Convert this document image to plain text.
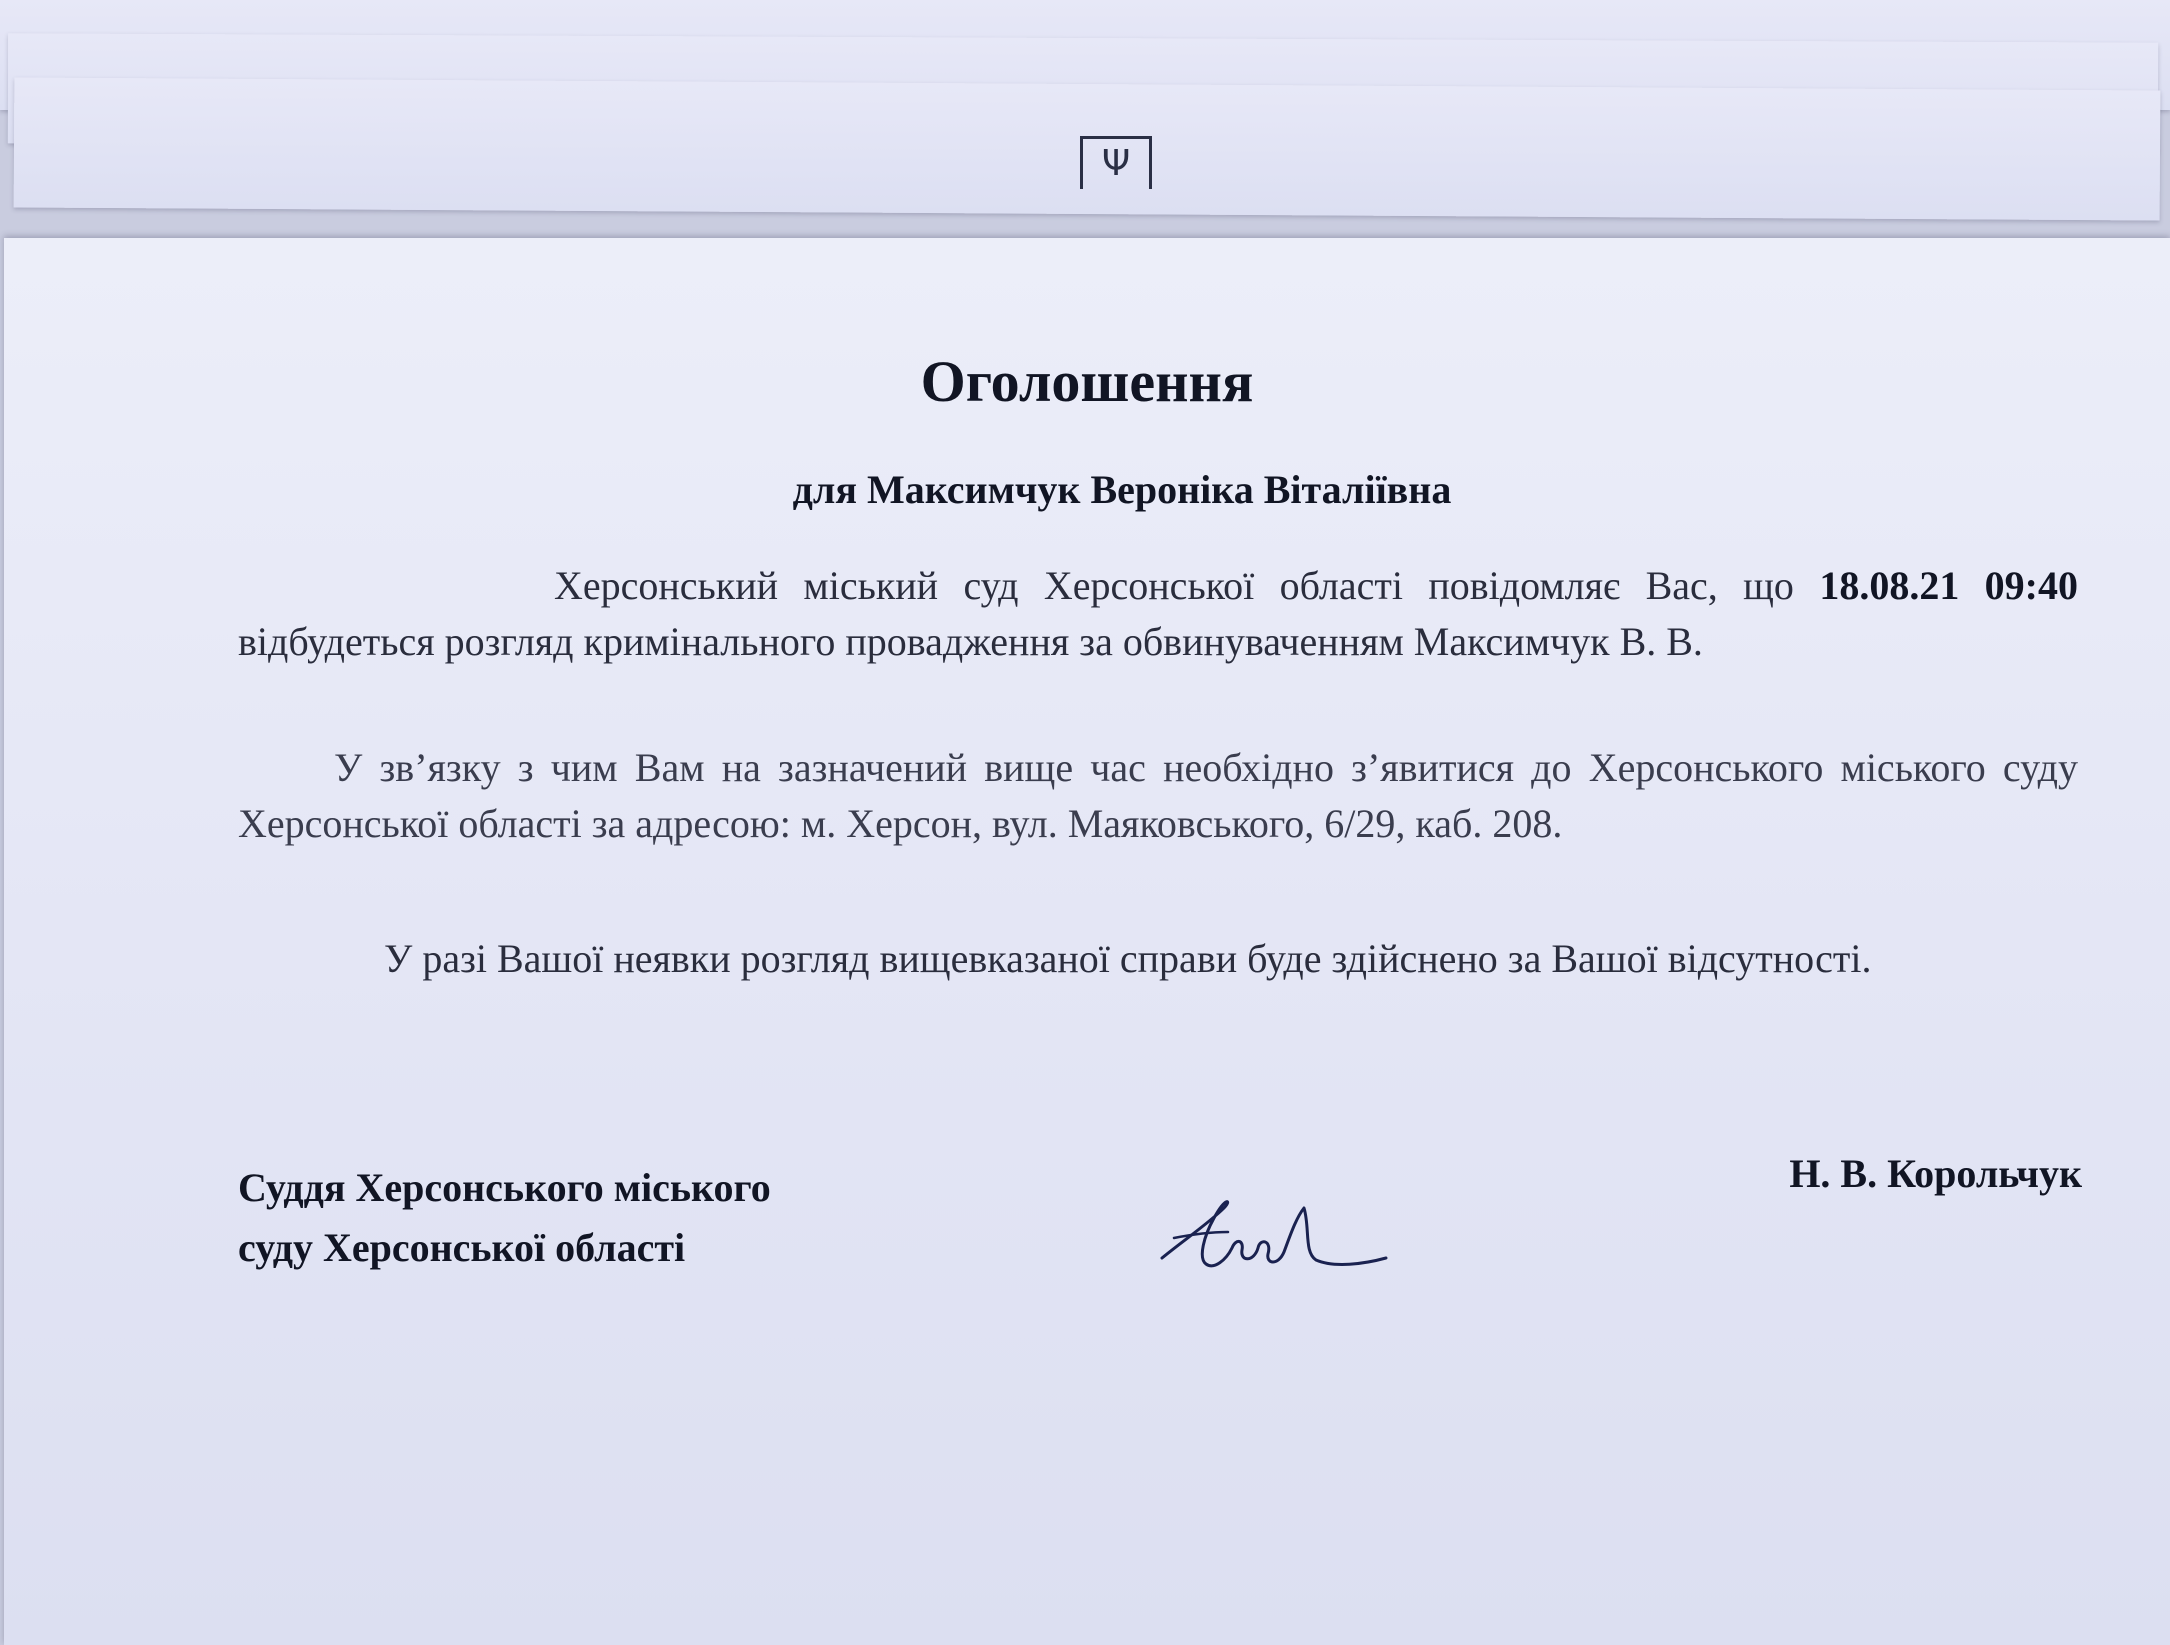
Ψ
Оголошення
для Максимчук Вероніка Віталіївна
Херсонський міський суд Херсонської області повідомляє Вас, що 18.08.21 09:40 відбудеться розгляд кримінального провадження за обвинуваченням Максимчук В. В.
У зв’язку з чим Вам на зазначений вище час необхідно з’явитися до Херсонського міського суду Херсонської області за адресою: м. Херсон, вул. Маяковського, 6/29, каб. 208.
У разі Вашої неявки розгляд вищевказаної справи буде здійснено за Вашої відсутності.
Суддя Херсонського міського
суду Херсонської області
Н. В. Корольчук
